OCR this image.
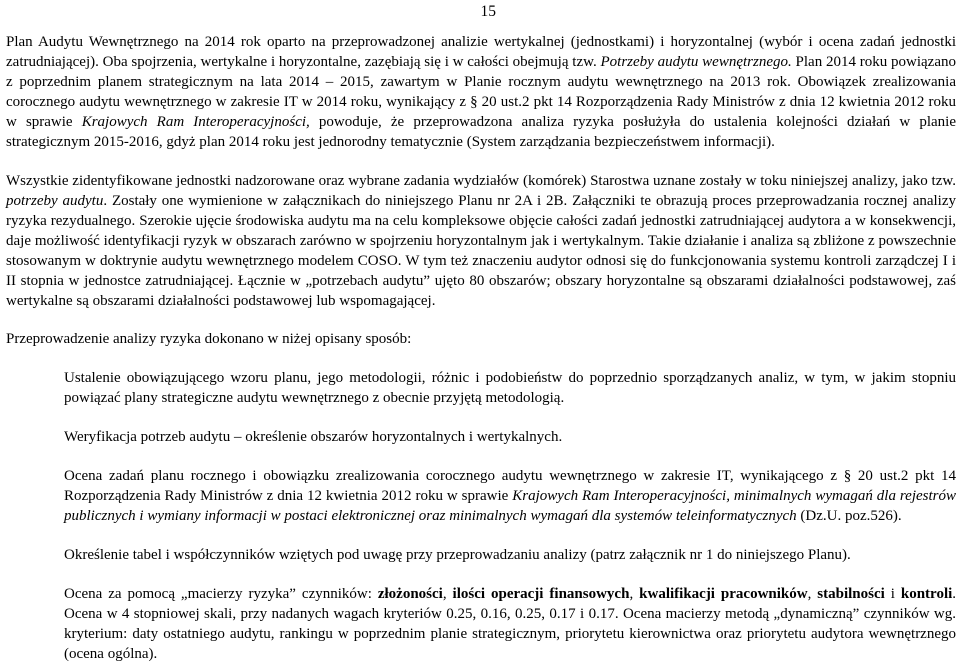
15

Plan Audytu Wewnętrznego na 2014 rok oparto na przeprowadzonej analizie wertykalnej (jednostkami) i horyzontalnej (wybór i ocena zadań jednostki zatrudniającej). Oba spojrzenia, wertykalne i horyzontalne, zazębiają się i w całości obejmują tzw. Potrzeby audytu wewnętrznego. Plan 2014 roku powiązano z poprzednim planem strategicznym na lata 2014 – 2015, zawartym w Planie rocznym audytu wewnętrznego na 2013 rok. Obowiązek zrealizowania corocznego audytu wewnętrznego w zakresie IT w 2014 roku, wynikający z § 20 ust.2 pkt 14 Rozporządzenia Rady Ministrów z dnia 12 kwietnia 2012 roku w sprawie Krajowych Ram Interoperacyjności, powoduje, że przeprowadzona analiza ryzyka posłużyła do ustalenia kolejności działań w planie strategicznym 2015-2016, gdyż plan 2014 roku jest jednorodny tematycznie (System zarządzania bezpieczeństwem informacji).

Wszystkie zidentyfikowane jednostki nadzorowane oraz wybrane zadania wydziałów (komórek) Starostwa uznane zostały w toku niniejszej analizy, jako tzw. potrzeby audytu. Zostały one wymienione w załącznikach do niniejszego Planu nr 2A i 2B. Załączniki te obrazują proces przeprowadzania rocznej analizy ryzyka rezydualnego. Szerokie ujęcie środowiska audytu ma na celu kompleksowe objęcie całości zadań jednostki zatrudniającej audytora a w konsekwencji, daje możliwość identyfikacji ryzyk w obszarach zarówno w spojrzeniu horyzontalnym jak i wertykalnym. Takie działanie i analiza są zbliżone z powszechnie stosowanym w doktrynie audytu wewnętrznego modelem COSO. W tym też znaczeniu audytor odnosi się do funkcjonowania systemu kontroli zarządczej I i II stopnia w jednostce zatrudniającej. Łącznie w „potrzebach audytu” ujęto 80 obszarów; obszary horyzontalne są obszarami działalności podstawowej, zaś wertykalne są obszarami działalności podstawowej lub wspomagającej.

Przeprowadzenie analizy ryzyka dokonano w niżej opisany sposób:

Ustalenie obowiązującego wzoru planu, jego metodologii, różnic i podobieństw do poprzednio sporządzanych analiz, w tym, w jakim stopniu powiązać plany strategiczne audytu wewnętrznego z obecnie przyjętą metodologią.

Weryfikacja potrzeb audytu – określenie obszarów horyzontalnych i wertykalnych.

Ocena zadań planu rocznego i obowiązku zrealizowania corocznego audytu wewnętrznego w zakresie IT, wynikającego z § 20 ust.2 pkt 14 Rozporządzenia Rady Ministrów z dnia 12 kwietnia 2012 roku w sprawie Krajowych Ram Interoperacyjności, minimalnych wymagań dla rejestrów publicznych i wymiany informacji w postaci elektronicznej oraz minimalnych wymagań dla systemów teleinformatycznych (Dz.U. poz.526).

Określenie tabel i współczynników wziętych pod uwagę przy przeprowadzaniu analizy (patrz załącznik nr 1 do niniejszego Planu).

Ocena za pomocą „macierzy ryzyka” czynników: złożoności, ilości operacji finansowych, kwalifikacji pracowników, stabilności i kontroli. Ocena w 4 stopniowej skali, przy nadanych wagach kryteriów 0.25, 0.16, 0.25, 0.17 i 0.17. Ocena macierzy metodą „dynamiczną” czynników wg. kryterium: daty ostatniego audytu, rankingu w poprzednim planie strategicznym, priorytetu kierownictwa oraz priorytetu audytora wewnętrznego (ocena ogólna).
